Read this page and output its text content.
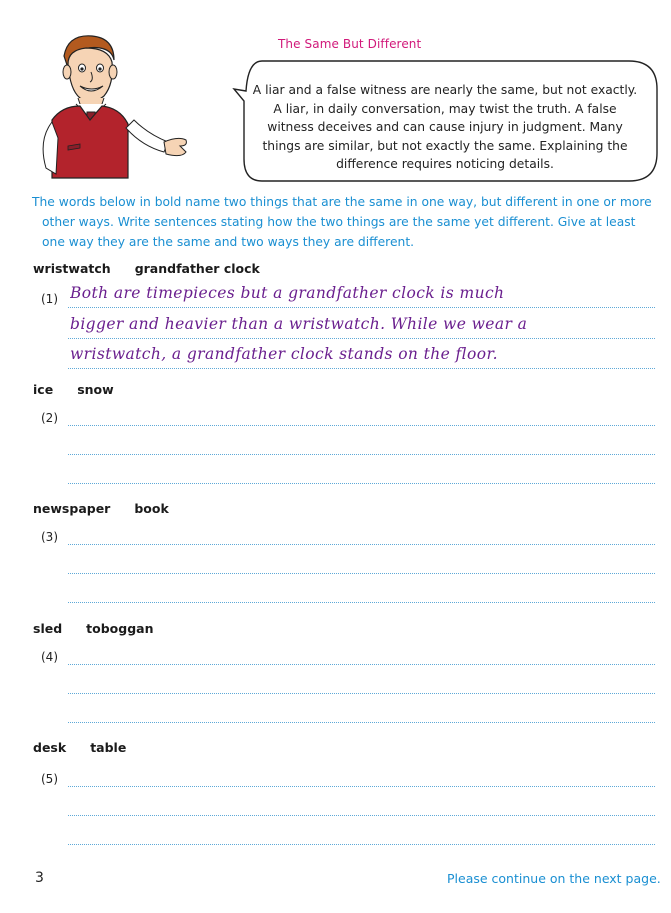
The Same But Different
A liar and a false witness are nearly the same, but not exactly. A liar, in daily conversation, may twist the truth. A false witness deceives and can cause injury in judgment. Many things are similar, but not exactly the same. Explaining the difference requires noticing details.
The words below in bold name two things that are the same in one way, but different in one or more
other ways. Write sentences stating how the two things are the same yet different. Give at least one way they are the same and two ways they are different.
wristwatch grandfather clock
(1) Both are timepieces but a grandfather clock is much
bigger and heavier than a wristwatch. While we wear a
wristwatch, a grandfather clock stands on the floor.
ice snow
(2)
newspaper book
(3)
sled toboggan
(4)
desk table
(5)
3	Please continue on the next page.
